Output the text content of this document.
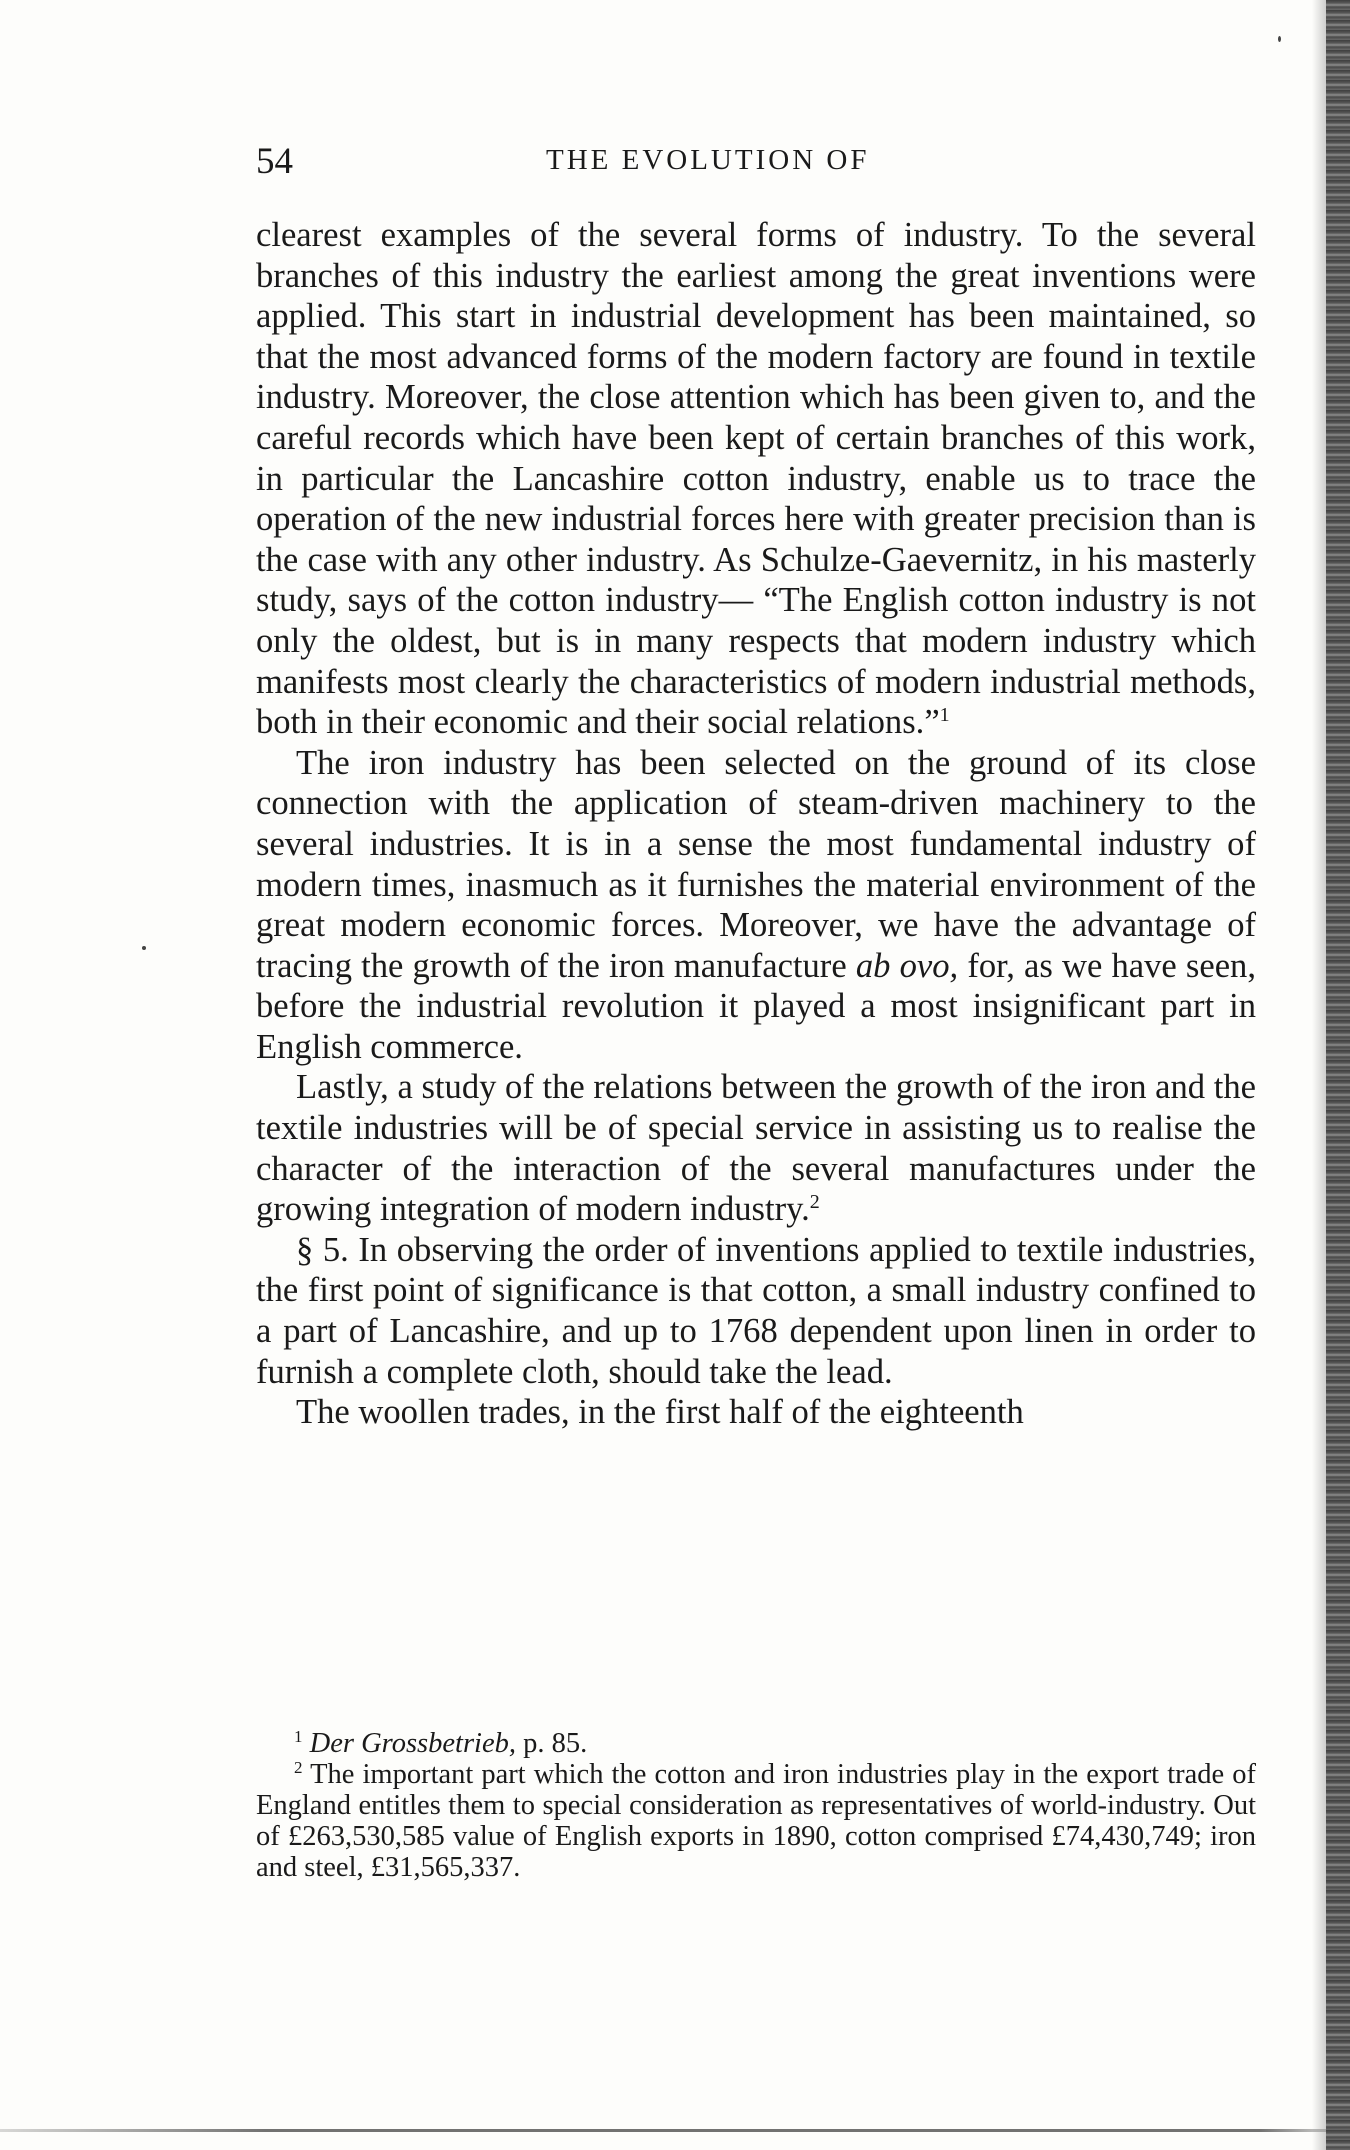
54	THE EVOLUTION OF

clearest examples of the several forms of industry. To the several branches of this industry the earliest among the great inventions were applied. This start in industrial development has been maintained, so that the most advanced forms of the modern factory are found in textile industry. Moreover, the close attention which has been given to, and the careful records which have been kept of certain branches of this work, in particular the Lancashire cotton industry, enable us to trace the operation of the new industrial forces here with greater precision than is the case with any other industry. As Schulze-Gaevernitz, in his masterly study, says of the cotton industry— “The English cotton industry is not only the oldest, but is in many respects that modern industry which manifests most clearly the characteristics of modern industrial methods, both in their economic and their social relations.”$^1$

The iron industry has been selected on the ground of its close connection with the application of steam-driven machinery to the several industries. It is in a sense the most fundamental industry of modern times, inasmuch as it furnishes the material environment of the great modern economic forces. Moreover, we have the advantage of tracing the growth of the iron manufacture ab ovo, for, as we have seen, before the industrial revolution it played a most insignificant part in English commerce.

Lastly, a study of the relations between the growth of the iron and the textile industries will be of special service in assisting us to realise the character of the interaction of the several manufactures under the growing integration of modern industry.$^2$

§ 5. In observing the order of inventions applied to textile industries, the first point of significance is that cotton, a small industry confined to a part of Lancashire, and up to 1768 dependent upon linen in order to furnish a complete cloth, should take the lead.

The woollen trades, in the first half of the eighteenth

$^1$ Der Grossbetrieb, p. 85.

$^2$ The important part which the cotton and iron industries play in the export trade of England entitles them to special consideration as representatives of world-industry. Out of £263,530,585 value of English exports in 1890, cotton comprised £74,430,749; iron and steel, £31,565,337.
